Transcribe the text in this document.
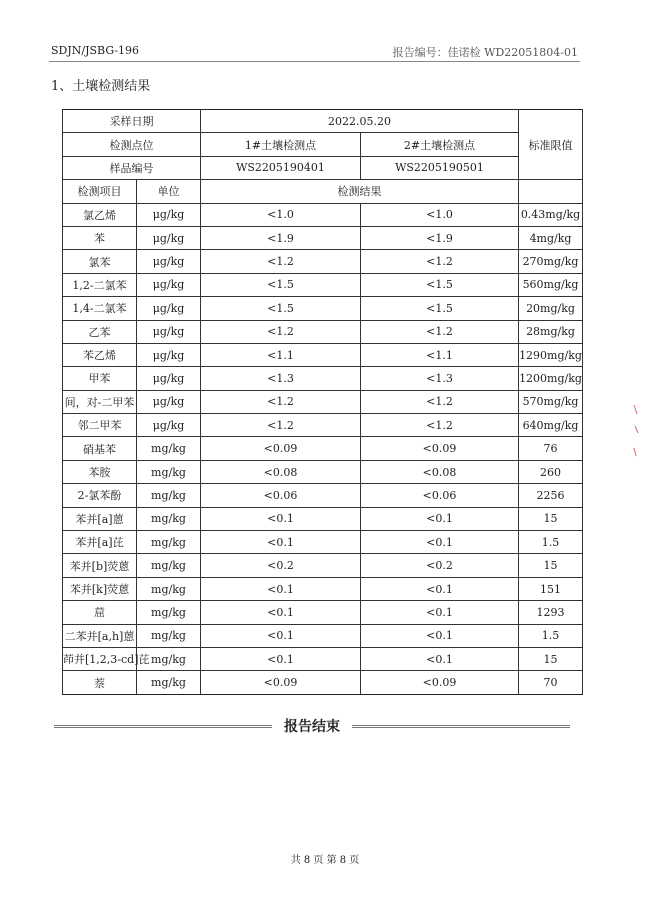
SDJN/JSBG-196	报告编号：佳诺检 WD22051804-01
1、土壤检测结果
采样日期		2022.05.20		标准限值
检测点位		1#土壤检测点	2#土壤检测点	
样品编号		WS2205190401	WS2205190501	
检测项目	单位	检测结果		
氯乙烯	μg/kg	<1.0	<1.0	0.43mg/kg
苯	μg/kg	<1.9	<1.9	4mg/kg
氯苯	μg/kg	<1.2	<1.2	270mg/kg
1,2-二氯苯	μg/kg	<1.5	<1.5	560mg/kg
1,4-二氯苯	μg/kg	<1.5	<1.5	20mg/kg
乙苯	μg/kg	<1.2	<1.2	28mg/kg
苯乙烯	μg/kg	<1.1	<1.1	1290mg/kg
甲苯	μg/kg	<1.3	<1.3	1200mg/kg
间，对-二甲苯	μg/kg	<1.2	<1.2	570mg/kg
邻二甲苯	μg/kg	<1.2	<1.2	640mg/kg
硝基苯	mg/kg	<0.09	<0.09	76
苯胺	mg/kg	<0.08	<0.08	260
2-氯苯酚	mg/kg	<0.06	<0.06	2256
苯并[a]蒽	mg/kg	<0.1	<0.1	15
苯并[a]芘	mg/kg	<0.1	<0.1	1.5
苯并[b]荧蒽	mg/kg	<0.2	<0.2	15
苯并[k]荧蒽	mg/kg	<0.1	<0.1	151
䓛	mg/kg	<0.1	<0.1	1293
二苯并[a,h]蒽	mg/kg	<0.1	<0.1	1.5
茚并[1,2,3-cd]芘	mg/kg	<0.1	<0.1	15
萘	mg/kg	<0.09	<0.09	70
报告结束
共 8 页 第 8 页
